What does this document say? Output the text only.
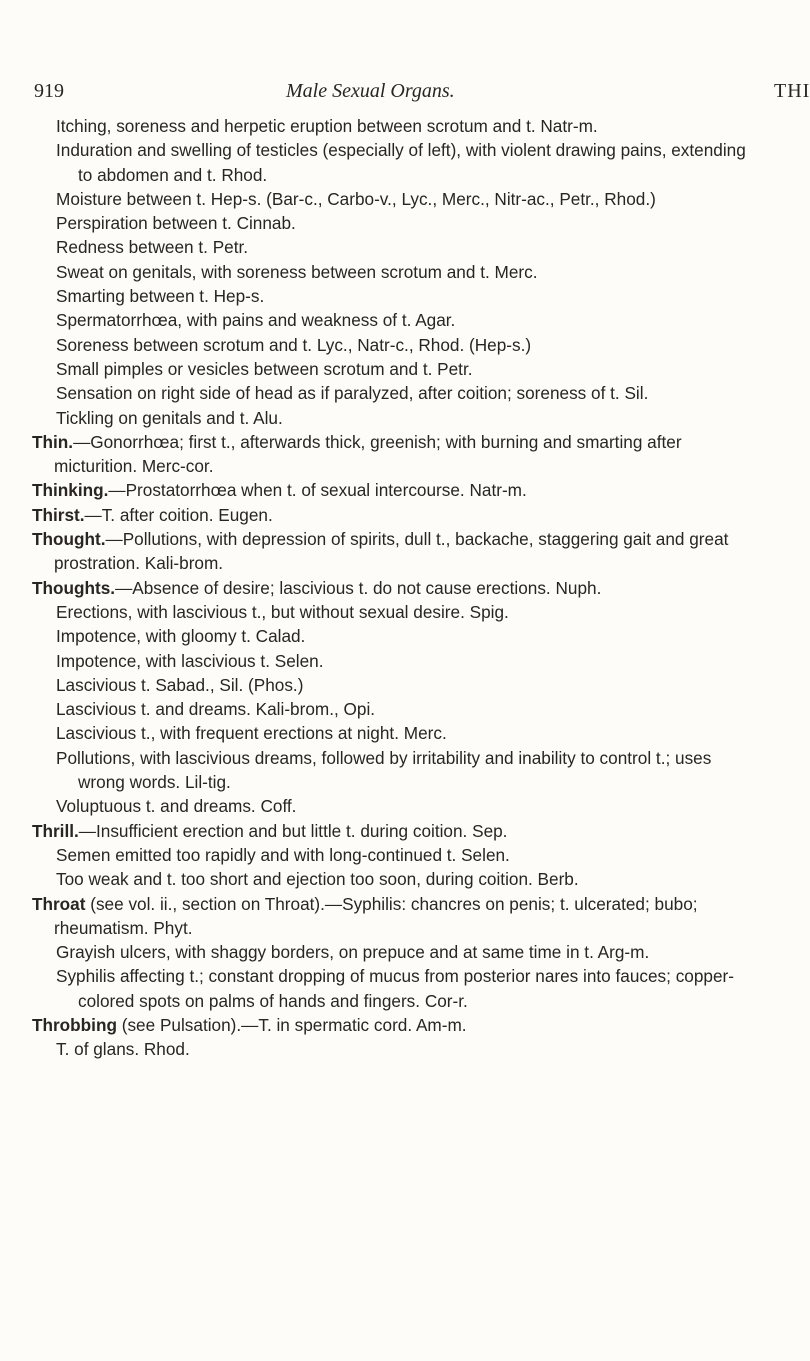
919	Male Sexual Organs.	THI
Itching, soreness and herpetic eruption between scrotum and t. Natr-m.
Induration and swelling of testicles (especially of left), with violent drawing pains, extending to abdomen and t. Rhod.
Moisture between t. Hep-s. (Bar-c., Carbo-v., Lyc., Merc., Nitr-ac., Petr., Rhod.)
Perspiration between t. Cinnab.
Redness between t. Petr.
Sweat on genitals, with soreness between scrotum and t. Merc.
Smarting between t. Hep-s.
Spermatorrhœa, with pains and weakness of t. Agar.
Soreness between scrotum and t. Lyc., Natr-c., Rhod. (Hep-s.)
Small pimples or vesicles between scrotum and t. Petr.
Sensation on right side of head as if paralyzed, after coition; soreness of t. Sil.
Tickling on genitals and t. Alu.
Thin.—Gonorrhœa; first t., afterwards thick, greenish; with burning and smarting after micturition. Merc-cor.
Thinking.—Prostatorrhœa when t. of sexual intercourse. Natr-m.
Thirst.—T. after coition. Eugen.
Thought.—Pollutions, with depression of spirits, dull t., backache, staggering gait and great prostration. Kali-brom.
Thoughts.—Absence of desire; lascivious t. do not cause erections. Nuph.
Erections, with lascivious t., but without sexual desire. Spig.
Impotence, with gloomy t. Calad.
Impotence, with lascivious t. Selen.
Lascivious t. Sabad., Sil. (Phos.)
Lascivious t. and dreams. Kali-brom., Opi.
Lascivious t., with frequent erections at night. Merc.
Pollutions, with lascivious dreams, followed by irritability and inability to control t.; uses wrong words. Lil-tig.
Voluptuous t. and dreams. Coff.
Thrill.—Insufficient erection and but little t. during coition. Sep.
Semen emitted too rapidly and with long-continued t. Selen.
Too weak and t. too short and ejection too soon, during coition. Berb.
Throat (see vol. ii., section on Throat).—Syphilis: chancres on penis; t. ulcerated; bubo; rheumatism. Phyt.
Grayish ulcers, with shaggy borders, on prepuce and at same time in t. Arg-m.
Syphilis affecting t.; constant dropping of mucus from posterior nares into fauces; copper-colored spots on palms of hands and fingers. Cor-r.
Throbbing (see Pulsation).—T. in spermatic cord. Am-m.
T. of glans. Rhod.
